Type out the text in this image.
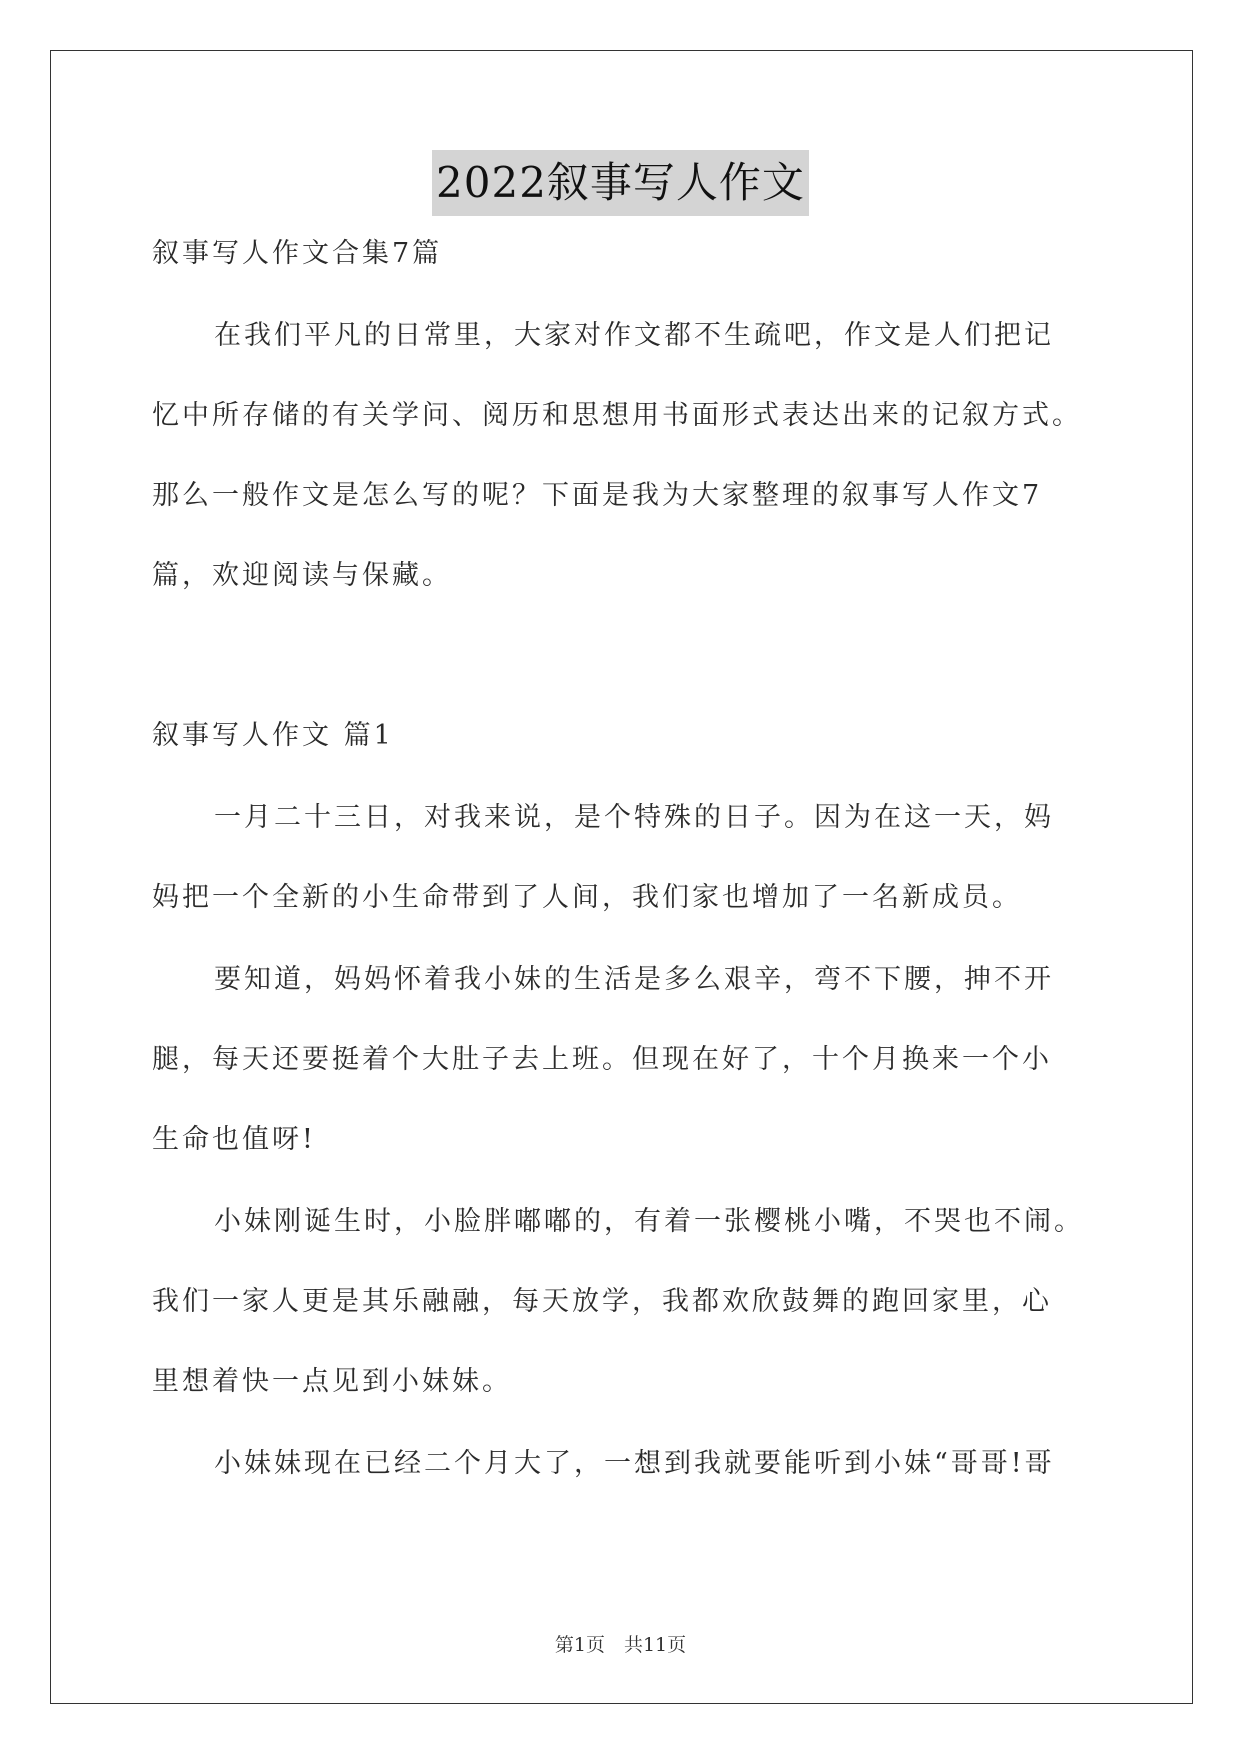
2022叙事写人作文
叙事写人作文合集7篇
在我们平凡的日常里，大家对作文都不生疏吧，作文是人们把记
忆中所存储的有关学问、阅历和思想用书面形式表达出来的记叙方式。
那么一般作文是怎么写的呢？下面是我为大家整理的叙事写人作文7
篇，欢迎阅读与保藏。
叙事写人作文 篇1
一月二十三日，对我来说，是个特殊的日子。因为在这一天，妈
妈把一个全新的小生命带到了人间，我们家也增加了一名新成员。
要知道，妈妈怀着我小妹的生活是多么艰辛，弯不下腰，抻不开
腿，每天还要挺着个大肚子去上班。但现在好了，十个月换来一个小
生命也值呀!
小妹刚诞生时，小脸胖嘟嘟的，有着一张樱桃小嘴，不哭也不闹。
我们一家人更是其乐融融，每天放学，我都欢欣鼓舞的跑回家里，心
里想着快一点见到小妹妹。
小妹妹现在已经二个月大了，一想到我就要能听到小妹“哥哥!哥
第1页　共11页
